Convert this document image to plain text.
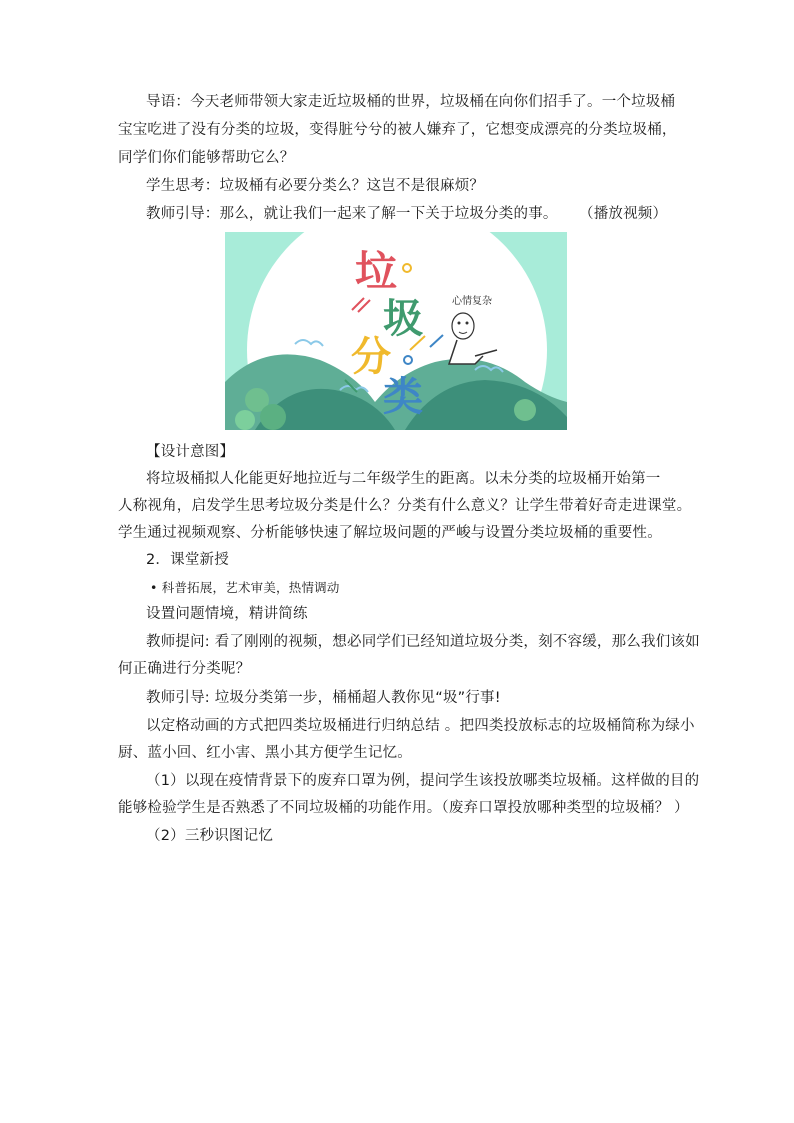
导语：今天老师带领大家走近垃圾桶的世界，垃圾桶在向你们招手了。一个垃圾桶
宝宝吃进了没有分类的垃圾，变得脏兮兮的被人嫌弃了，它想变成漂亮的分类垃圾桶，
同学们你们能够帮助它么？
学生思考：垃圾桶有必要分类么？这岂不是很麻烦？
教师引导：那么，就让我们一起来了解一下关于垃圾分类的事。 （播放视频）
垃
圾
分
类
心情复杂
【设计意图】
将垃圾桶拟人化能更好地拉近与二年级学生的距离。以未分类的垃圾桶开始第一
人称视角，启发学生思考垃圾分类是什么？分类有什么意义？让学生带着好奇走进课堂。
学生通过视频观察、分析能够快速了解垃圾问题的严峻与设置分类垃圾桶的重要性。
2．课堂新授
• 科普拓展，艺术审美，热情调动
设置问题情境，精讲简练
教师提问: 看了刚刚的视频，想必同学们已经知道垃圾分类，刻不容缓，那么我们该如
何正确进行分类呢？
教师引导: 垃圾分类第一步，桶桶超人教你见“圾”行事!
以定格动画的方式把四类垃圾桶进行归纳总结 。把四类投放标志的垃圾桶简称为绿小
厨、蓝小回、红小害、黑小其方便学生记忆。
（1）以现在疫情背景下的废弃口罩为例，提问学生该投放哪类垃圾桶。这样做的目的
能够检验学生是否熟悉了不同垃圾桶的功能作用。（废弃口罩投放哪种类型的垃圾桶？ ）
（2）三秒识图记忆
